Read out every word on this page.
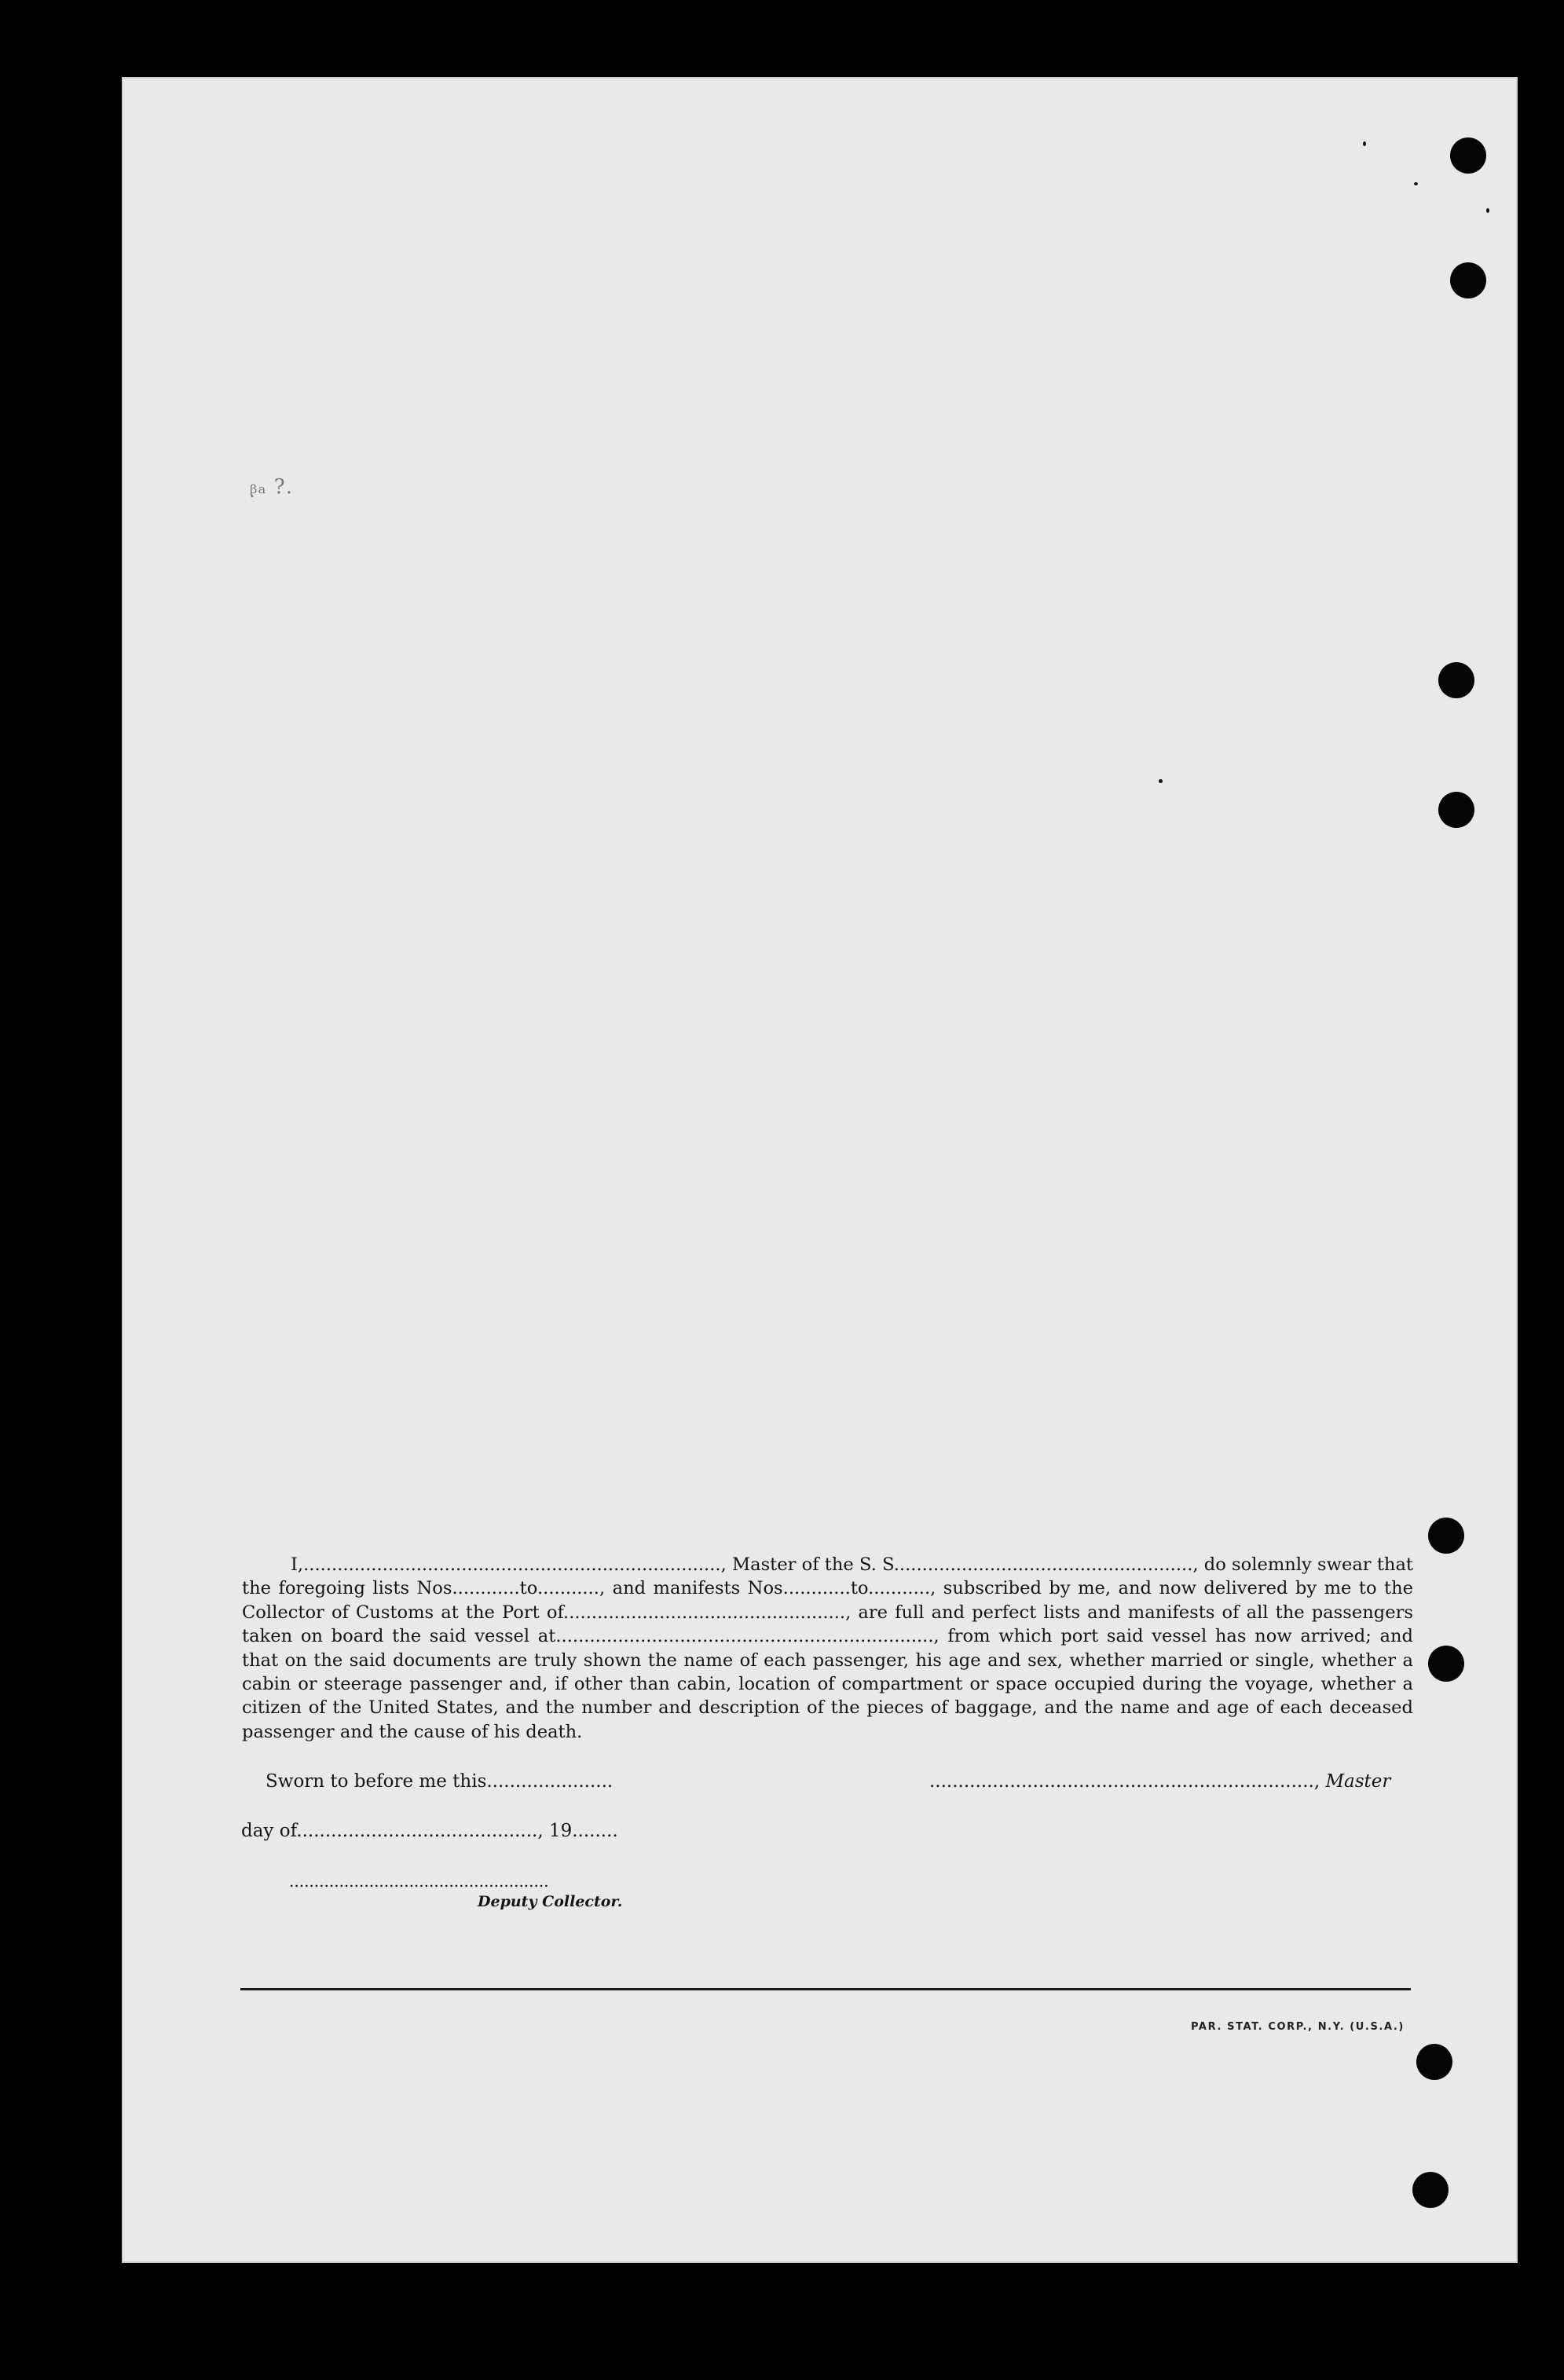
ᵦ̣ₐ ?.

I,.........................................................................., Master of the S. S....................................................., do solemnly swear that the foregoing lists Nos............to..........., and manifests Nos............to..........., subscribed by me, and now delivered by me to the Collector of Customs at the Port of.................................................., are full and perfect lists and manifests of all the passengers taken on board the said vessel at..................................................................., from which port said vessel has now arrived; and that on the said documents are truly shown the name of each passenger, his age and sex, whether married or single, whether a cabin or steerage passenger and, if other than cabin, location of compartment or space occupied during the voyage, whether a citizen of the United States, and the number and description of the pieces of baggage, and the name and age of each deceased passenger and the cause of his death.

Sworn to before me this......................	..................................................................., Master
day of.........................................., 19........
....................................................
Deputy Collector.
PAR. STAT. CORP., N.Y. (U.S.A.)
